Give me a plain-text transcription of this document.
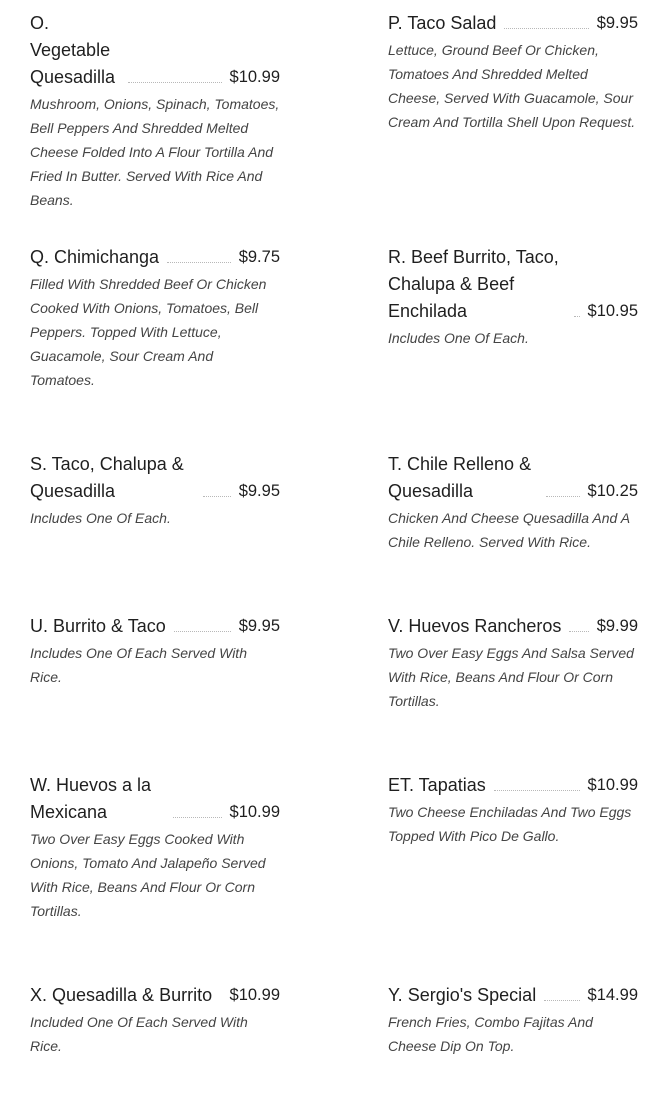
O. Vegetable Quesadilla	$10.99

Mushroom, Onions, Spinach, Tomatoes, Bell Peppers And Shredded Melted Cheese Folded Into A Flour Tortilla And Fried In Butter. Served With Rice And Beans.

P. Taco Salad	$9.95

Lettuce, Ground Beef Or Chicken, Tomatoes And Shredded Melted Cheese, Served With Guacamole, Sour Cream And Tortilla Shell Upon Request.

Q. Chimichanga	$9.75

Filled With Shredded Beef Or Chicken Cooked With Onions, Tomatoes, Bell Peppers. Topped With Lettuce, Guacamole, Sour Cream And Tomatoes.

R. Beef Burrito, Taco, Chalupa & Beef Enchilada	$10.95

Includes One Of Each.

S. Taco, Chalupa & Quesadilla	$9.95

Includes One Of Each.

T. Chile Relleno & Quesadilla	$10.25

Chicken And Cheese Quesadilla And A Chile Relleno. Served With Rice.

U. Burrito & Taco	$9.95

Includes One Of Each Served With Rice.

V. Huevos Rancheros $9.99

Two Over Easy Eggs And Salsa Served With Rice, Beans And Flour Or Corn Tortillas.

W. Huevos a la Mexicana	$10.99

Two Over Easy Eggs Cooked With Onions, Tomato And Jalapeño Served With Rice, Beans And Flour Or Corn Tortillas.

ET. Tapatias	$10.99

Two Cheese Enchiladas And Two Eggs Topped With Pico De Gallo.

X. Quesadilla & Burrito $10.99

Included One Of Each Served With Rice.

Y. Sergio's Special	$14.99

French Fries, Combo Fajitas And Cheese Dip On Top.
